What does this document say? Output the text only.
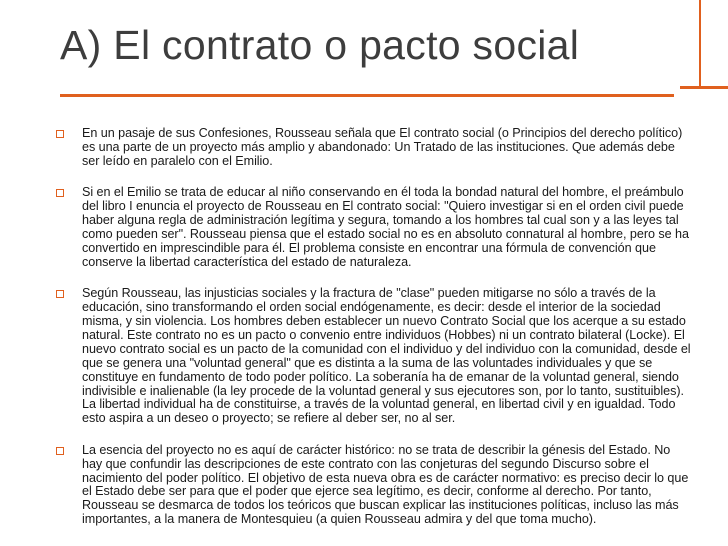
A) El contrato o pacto social
En un pasaje de sus Confesiones, Rousseau señala que El contrato social (o Principios del derecho político) es una parte de un proyecto más amplio y abandonado: Un Tratado de las instituciones. Que además debe ser leído en paralelo con el Emilio.
Si en el Emilio se trata de educar al niño conservando en él toda la bondad natural del hombre, el preámbulo del libro I enuncia el proyecto de Rousseau en El contrato social: "Quiero investigar si en el orden civil puede haber alguna regla de administración legítima y segura, tomando a los hombres tal cual son y a las leyes tal como pueden ser". Rousseau piensa que el estado social no es en absoluto connatural al hombre, pero se ha convertido en imprescindible para él. El problema consiste en encontrar una fórmula de convención que conserve la libertad característica del estado de naturaleza.
Según Rousseau, las injusticias sociales y la fractura de "clase" pueden mitigarse no sólo a través de la educación, sino transformando el orden social endógenamente, es decir: desde el interior de la sociedad misma, y sin violencia. Los hombres deben establecer un nuevo Contrato Social que los acerque a su estado natural. Este contrato no es un pacto o convenio entre individuos (Hobbes) ni un contrato bilateral (Locke). El nuevo contrato social es un pacto de la comunidad con el individuo y del individuo con la comunidad, desde el que se genera una "voluntad general" que es distinta a la suma de las voluntades individuales y que se constituye en fundamento de todo poder político. La soberanía ha de emanar de la voluntad general, siendo indivisible e inalienable (la ley procede de la voluntad general y sus ejecutores son, por lo tanto, sustituibles). La libertad individual ha de constituirse, a través de la voluntad general, en libertad civil y en igualdad. Todo esto aspira a un deseo o proyecto; se refiere al deber ser, no al ser.
La esencia del proyecto no es aquí de carácter histórico: no se trata de describir la génesis del Estado. No hay que confundir las descripciones de este contrato con las conjeturas del segundo Discurso sobre el nacimiento del poder político. El objetivo de esta nueva obra es de carácter normativo: es preciso decir lo que el Estado debe ser para que el poder que ejerce sea legítimo, es decir, conforme al derecho. Por tanto, Rousseau se desmarca de todos los teóricos que buscan explicar las instituciones políticas, incluso las más importantes, a la manera de Montesquieu (a quien Rousseau admira y del que toma mucho).
